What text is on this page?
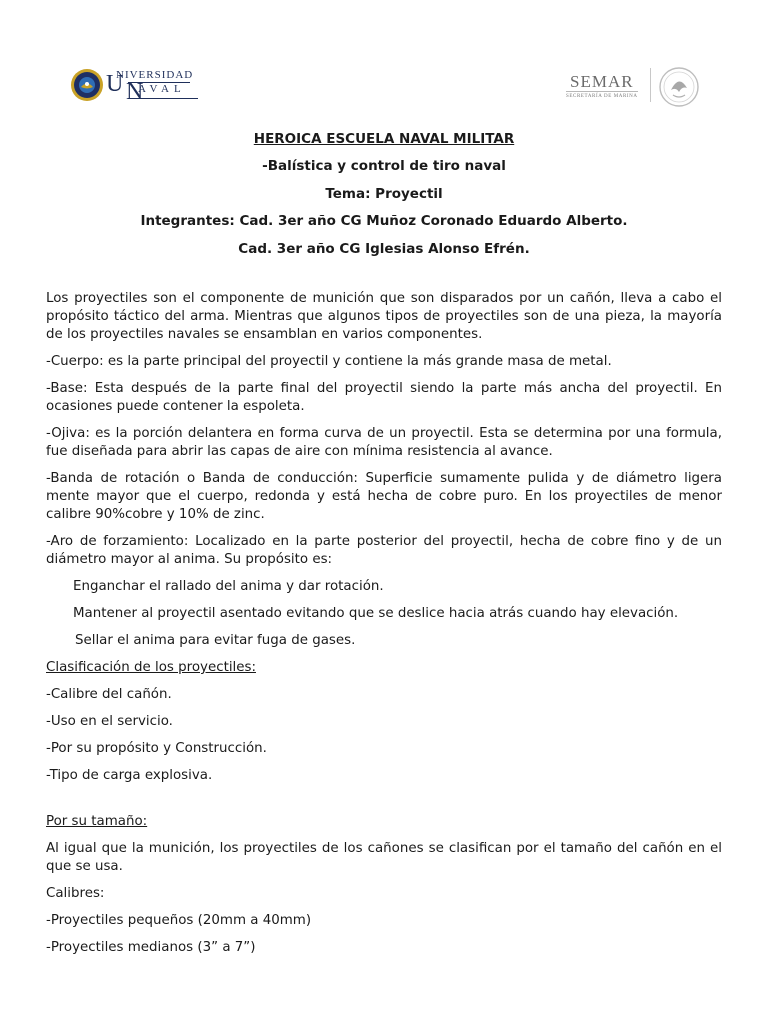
U
NIVERSIDAD
N
AVAL	SEMAR
SECRETARÍA DE MARINA

HEROICA ESCUELA NAVAL MILITAR

-Balística y control de tiro naval

Tema: Proyectil

Integrantes: Cad. 3er año CG Muñoz Coronado Eduardo Alberto.

Cad. 3er año CG Iglesias Alonso Efrén.

Los proyectiles son el componente de munición que son disparados por un cañón, lleva a cabo el propósito táctico del arma. Mientras que algunos tipos de proyectiles son de una pieza, la mayoría de los proyectiles navales se ensamblan en varios componentes.

-Cuerpo: es la parte principal del proyectil y contiene la más grande masa de metal.

-Base: Esta después de la parte final del proyectil siendo la parte más ancha del proyectil. En ocasiones puede contener la espoleta.

-Ojiva: es la porción delantera en forma curva de un proyectil. Esta se determina por una formula, fue diseñada para abrir las capas de aire con mínima resistencia al avance.

-Banda de rotación o Banda de conducción: Superficie sumamente pulida y de diámetro ligera mente mayor que el cuerpo, redonda y está hecha de cobre puro. En los proyectiles de menor calibre 90%cobre y 10% de zinc.

-Aro de forzamiento: Localizado en la parte posterior del proyectil, hecha de cobre fino y de un diámetro mayor al anima. Su propósito es:

Enganchar el rallado del anima y dar rotación.

Mantener al proyectil asentado evitando que se deslice hacia atrás cuando hay elevación.

Sellar el anima para evitar fuga de gases.

Clasificación de los proyectiles:

-Calibre del cañón.

-Uso en el servicio.

-Por su propósito y Construcción.

-Tipo de carga explosiva.

Por su tamaño:

Al igual que la munición, los proyectiles de los cañones se clasifican por el tamaño del cañón en el que se usa.

Calibres:

-Proyectiles pequeños (20mm a 40mm)

-Proyectiles medianos (3” a 7”)
